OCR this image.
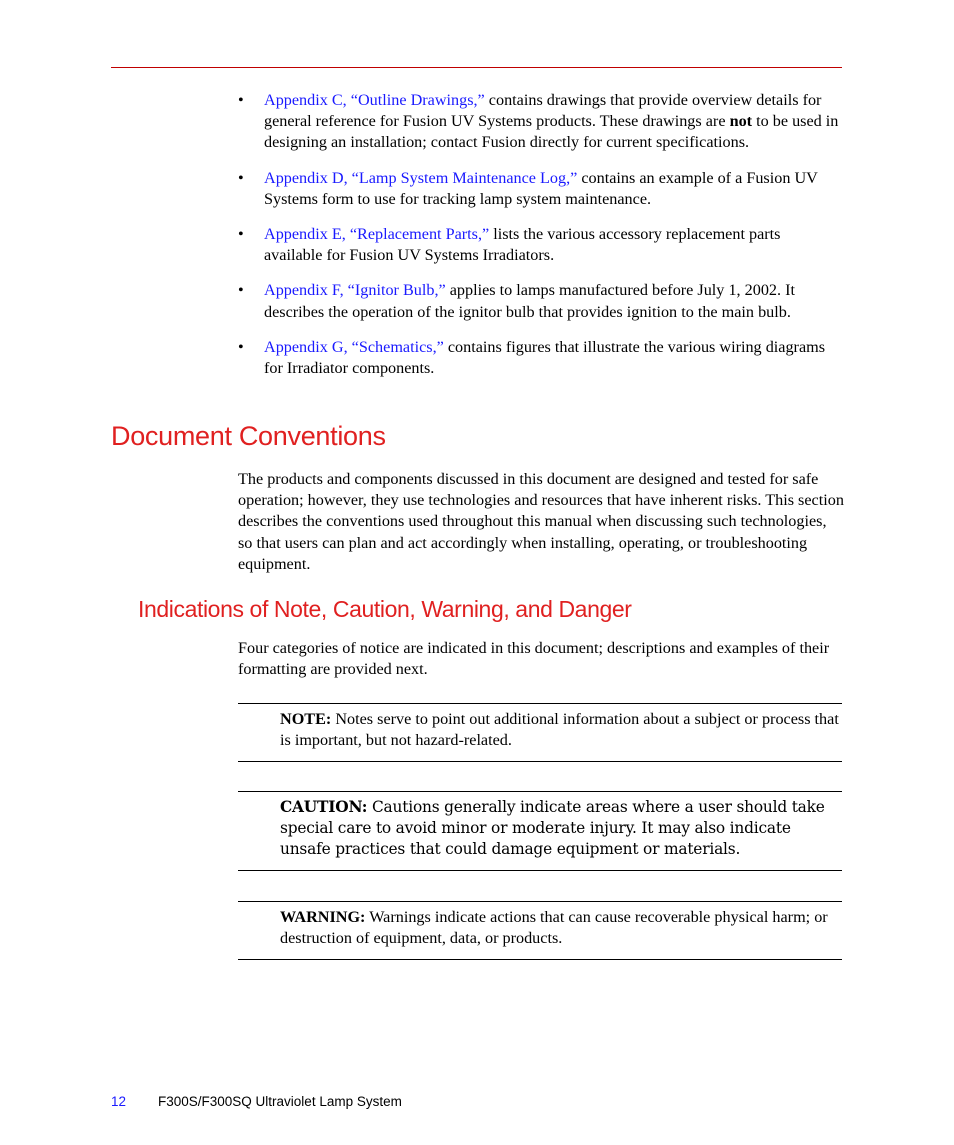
• Appendix C, “Outline Drawings,” contains drawings that provide overview details for general reference for Fusion UV Systems products. These drawings are not to be used in designing an installation; contact Fusion directly for current specifications.
• Appendix D, “Lamp System Maintenance Log,” contains an example of a Fusion UV Systems form to use for tracking lamp system maintenance.
• Appendix E, “Replacement Parts,” lists the various accessory replacement parts available for Fusion UV Systems Irradiators.
• Appendix F, “Ignitor Bulb,” applies to lamps manufactured before July 1, 2002. It describes the operation of the ignitor bulb that provides ignition to the main bulb.
• Appendix G, “Schematics,” contains figures that illustrate the various wiring diagrams for Irradiator components.
Document Conventions

The products and components discussed in this document are designed and tested for safe operation; however, they use technologies and resources that have inherent risks. This section describes the conventions used throughout this manual when discussing such technologies, so that users can plan and act accordingly when installing, operating, or troubleshooting equipment.

Indications of Note, Caution, Warning, and Danger

Four categories of notice are indicated in this document; descriptions and examples of their formatting are provided next.

NOTE: Notes serve to point out additional information about a subject or process that is important, but not hazard-related.

CAUTION: Cautions generally indicate areas where a user should take special care to avoid minor or moderate injury. It may also indicate unsafe practices that could damage equipment or materials.

WARNING: Warnings indicate actions that can cause recoverable physical harm; or destruction of equipment, data, or products.

12 F300S/F300SQ Ultraviolet Lamp System
